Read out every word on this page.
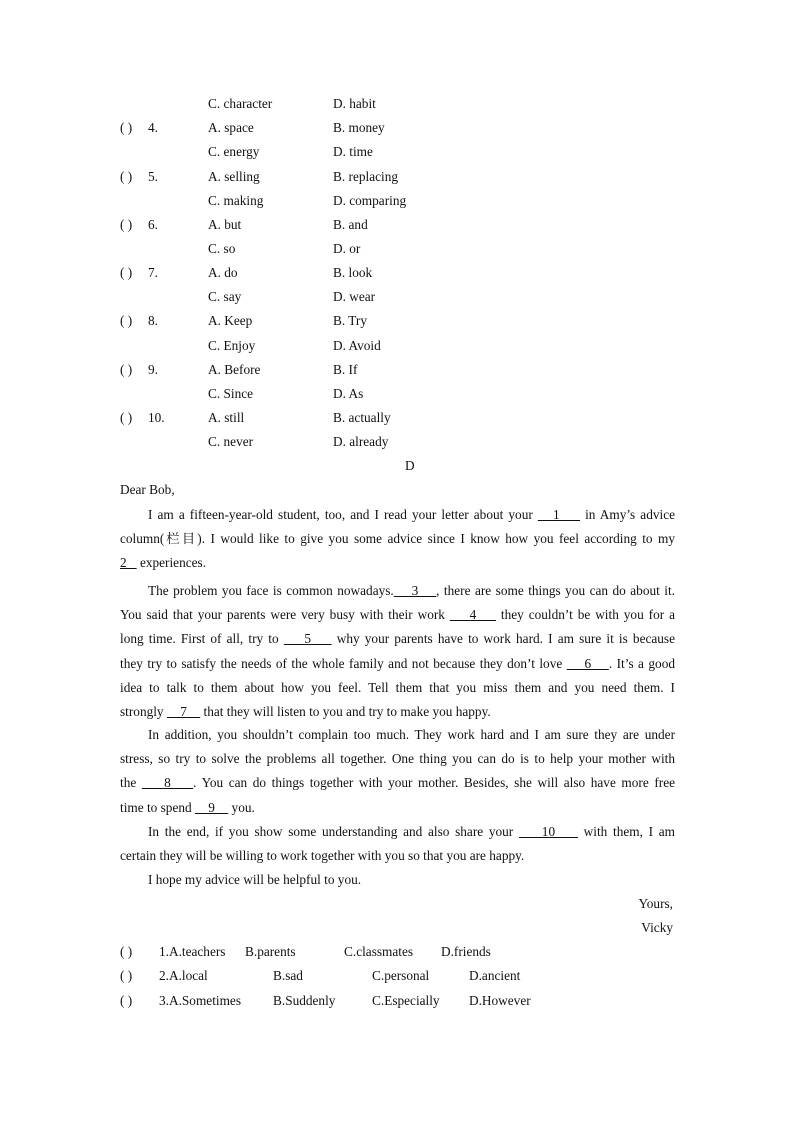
C. character	D. habit
( ) 4.	A. space	B. money
C. energy	D. time
( ) 5.	A. selling	B. replacing
C. making	D. comparing
( ) 6.	A. but	B. and
C. so	D. or
( ) 7.	A. do	B. look
C. say	D. wear
( ) 8.	A. Keep	B. Try
C. Enjoy	D. Avoid
( ) 9.	A. Before	B. If
C. Since	D. As
( ) 10.	A. still	B. actually
C. never	D. already
D
Dear Bob,
I am a fifteen-year-old student, too, and I read your letter about your    1     in Amy’s advice
column(栏目). I would like to give you some advice since I know how you feel according to my
2    experiences.
The problem you face is common nowadays.    3    , there are some things you can do about it.
You said that your parents were very busy with their work     4     they couldn’t be with you for a
long time. First of all, try to     5     why your parents have to work hard. I am sure it is because
they try to satisfy the needs of the whole family and not because they don’t love     6    . It’s a good
idea to talk to them about how you feel. Tell them that you miss them and you need them. I
strongly     7     that they will listen to you and try to make you happy.
In addition, you shouldn’t complain too much. They work hard and I am sure they are under
stress, so try to solve the problems all together. One thing you can do is to help your mother with
the     8    . You can do things together with your mother. Besides, she will also have more free
time to spend     9     you.
In the end, if you show some understanding and also share your     10     with them, I am
certain they will be willing to work together with you so that you are happy.
I hope my advice will be helpful to you.
Yours,
Vicky
( ) 1.A.teachers B.parents	C.classmates D.friends
( ) 2.A.local	B.sad	C.personal	D.ancient
( ) 3.A.Sometimes B.Suddenly	C.Especially D.However
